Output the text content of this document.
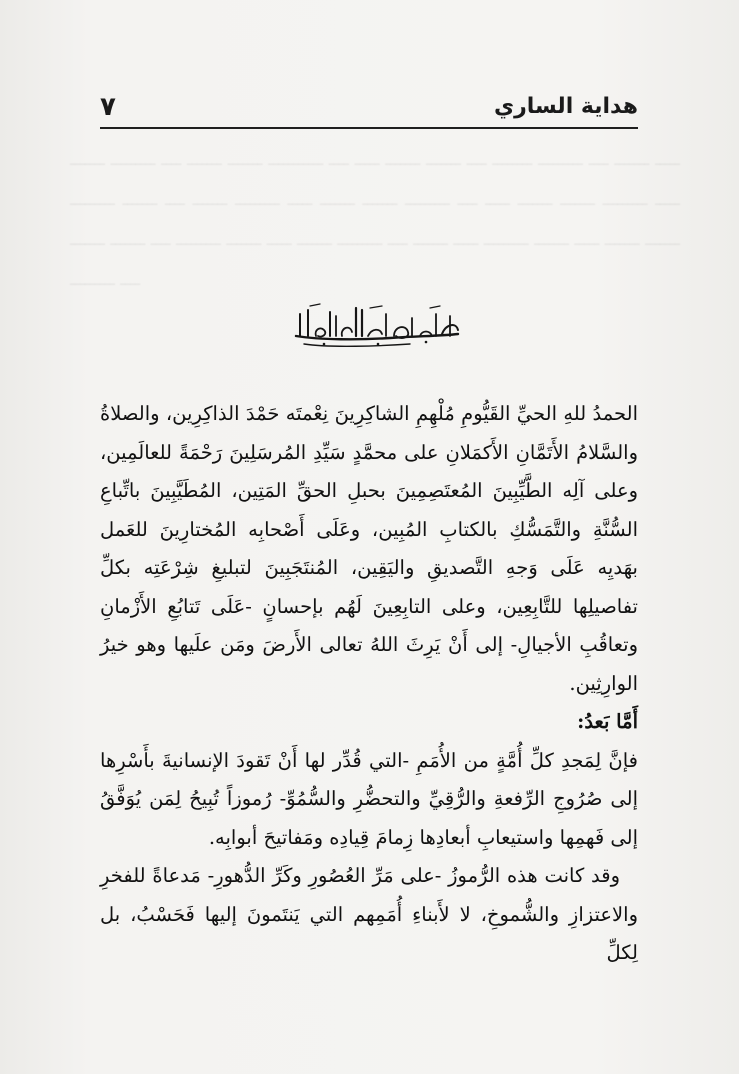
﻿ـــــــ ـــــــــ ــــ ـــــــ ـــــــ ـــــــــــ ــــ ـــــ ـــــــ ـــــــ ــــ ــــــــ ـــــــــ ــــ ـــــــ ـــــ ـــــــــ ـــــــ ــــ ـــــــ ـــــــــ ـــــ ـــــــ ـــــــ ـــــــــ ــــ ـــــ ـــــــ ـــــــ ـــــــــ ـــــ ـــــــ ـــــــ ــــ ـــــــــ ـــــــ ـــــ ـــــــ ـــــــــ ــــ ـــــــ ـــــ ـــــــــ ـــــــ ـــــ ـــــــ ـــــــ ـــــــــ ــــ
هداية الساري
٧

الحمدُ للهِ الحيِّ القَيُّومِ مُلْهِمِ الشاكِرِينَ نِعْمتَه حَمْدَ الذاكِرِين، والصلاةُ والسَّلامُ الأَتَمَّانِ الأَكمَلانِ على محمَّدٍ سَيِّدِ المُرسَلِينَ رَحْمَةً للعالَمِين، وعلى آلِه الطَّيِّبِينَ المُعتَصِمِينَ بحبلِ الحقِّ المَتِين، المُطَيَّبِينَ باتِّباعِ السُّنَّةِ والتَّمَسُّكِ بالكتابِ المُبِين، وعَلَى أَصْحابِه المُختارِينَ للعَمل بهَديِه عَلَى وَجهِ التَّصديقِ واليَقِين، المُنتَجَبِينَ لتبليغِ شِرْعَتِه بكلِّ تفاصيلِها للتَّابِعِين، وعلى التابِعِينَ لَهُم بإحسانٍ -عَلَى تَتابُعِ الأَزْمانِ وتعاقُبِ الأجيالِ- إلى أَنْ يَرِثَ اللهُ تعالى الأَرضَ ومَن علَيها وهو خيرُ الوارِثِين.

أَمَّا بَعدُ:

فإنَّ لِمَجدِ كلِّ أُمَّةٍ من الأُمَمِ -التي قُدِّر لها أَنْ تَقودَ الإنسانيةَ بأَسْرِها إلى صُرُوجِ الرِّفعةِ والرُّقِيِّ والتحضُّرِ والسُّمُوِّ- رُموزاً تُبِيحُ لِمَن يُوَفَّقُ إلى فَهمِها واستيعابِ أبعادِها زِمامَ قِيادِه ومَفاتيحَ أبوابِه.

وقد كانت هذه الرُّموزُ -على مَرِّ العُصُورِ وكَرِّ الدُّهورِ- مَدعاةً للفخرِ والاعتزازِ والشُّموخِ، لا لأَبناءِ أُمَمِهم التي يَنتَمونَ إليها فَحَسْبُ، بل لِكلِّ
